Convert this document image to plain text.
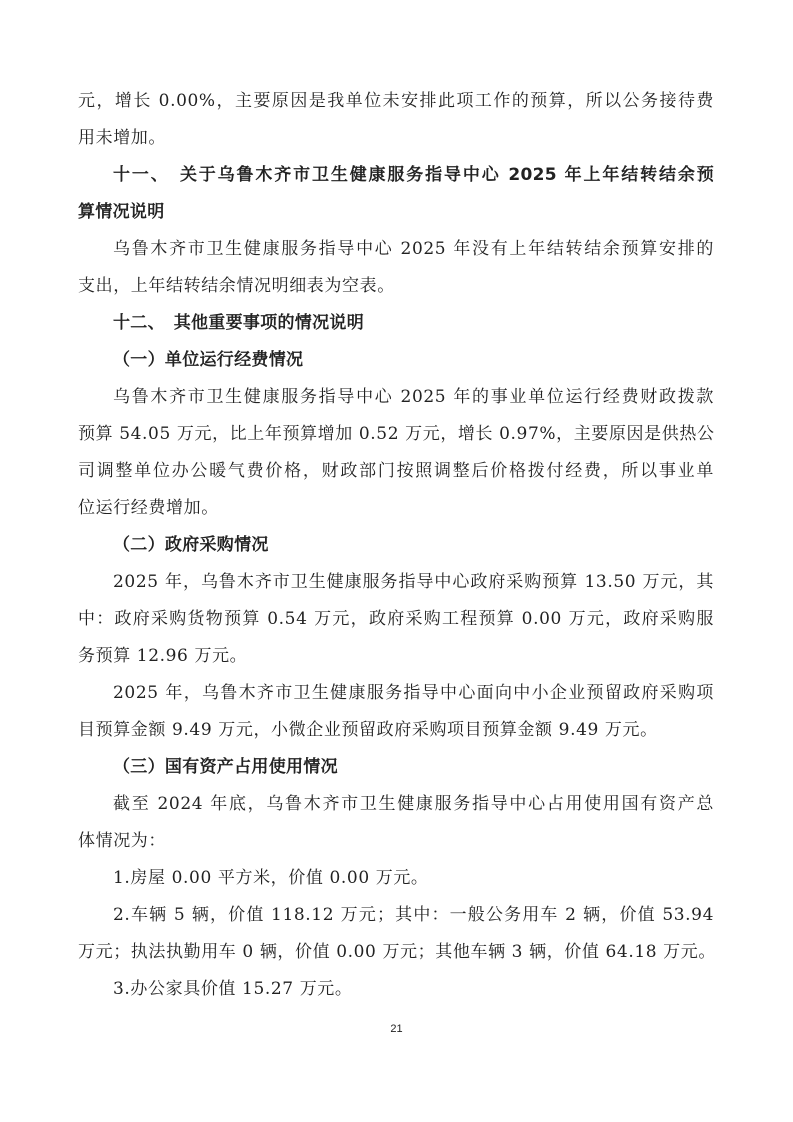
元，增长 0.00%，主要原因是我单位未安排此项工作的预算，所以公务接待费
用未增加。
十一、　关于乌鲁木齐市卫生健康服务指导中心 2025 年上年结转结余预
算情况说明
乌鲁木齐市卫生健康服务指导中心 2025 年没有上年结转结余预算安排的
支出，上年结转结余情况明细表为空表。
十二、　其他重要事项的情况说明
（一）单位运行经费情况
乌鲁木齐市卫生健康服务指导中心 2025 年的事业单位运行经费财政拨款
预算 54.05 万元，比上年预算增加 0.52 万元，增长 0.97%，主要原因是供热公
司调整单位办公暖气费价格，财政部门按照调整后价格拨付经费，所以事业单
位运行经费增加。
（二）政府采购情况
2025 年，乌鲁木齐市卫生健康服务指导中心政府采购预算 13.50 万元，其
中：政府采购货物预算 0.54 万元，政府采购工程预算 0.00 万元，政府采购服
务预算 12.96 万元。
2025 年，乌鲁木齐市卫生健康服务指导中心面向中小企业预留政府采购项
目预算金额 9.49 万元，小微企业预留政府采购项目预算金额 9.49 万元。
（三）国有资产占用使用情况
截至 2024 年底，乌鲁木齐市卫生健康服务指导中心占用使用国有资产总
体情况为：
1.房屋 0.00 平方米，价值 0.00 万元。
2.车辆 5 辆，价值 118.12 万元；其中：一般公务用车 2 辆，价值 53.94
万元；执法执勤用车 0 辆，价值 0.00 万元；其他车辆 3 辆，价值 64.18 万元。
3.办公家具价值 15.27 万元。
21
